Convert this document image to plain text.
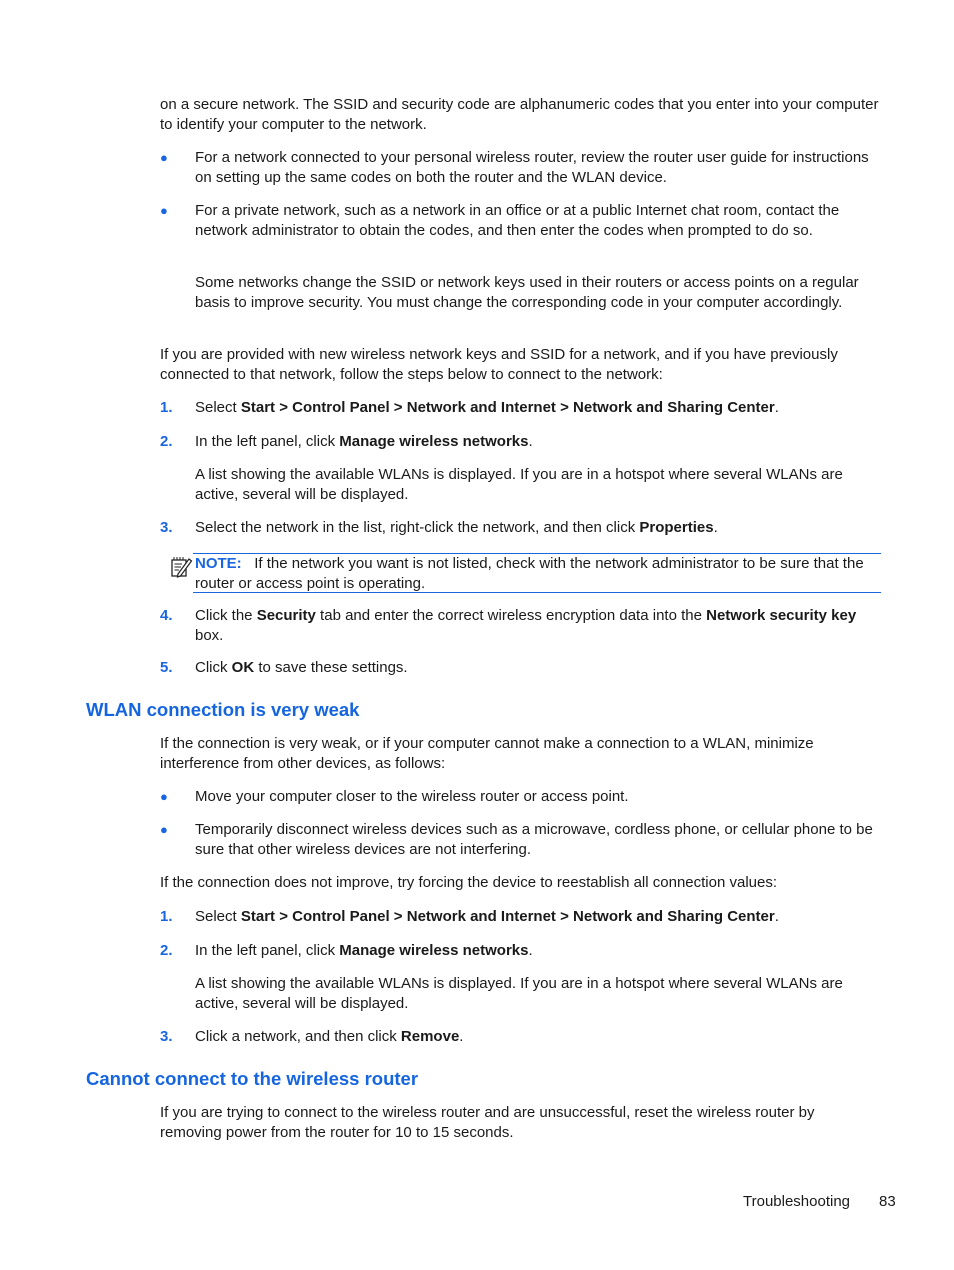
on a secure network. The SSID and security code are alphanumeric codes that you enter into your computer to identify your computer to the network.

● For a network connected to your personal wireless router, review the router user guide for instructions on setting up the same codes on both the router and the WLAN device.

● For a private network, such as a network in an office or at a public Internet chat room, contact the network administrator to obtain the codes, and then enter the codes when prompted to do so.

Some networks change the SSID or network keys used in their routers or access points on a regular basis to improve security. You must change the corresponding code in your computer accordingly.

If you are provided with new wireless network keys and SSID for a network, and if you have previously connected to that network, follow the steps below to connect to the network:

1. Select Start > Control Panel > Network and Internet > Network and Sharing Center.

2. In the left panel, click Manage wireless networks.

A list showing the available WLANs is displayed. If you are in a hotspot where several WLANs are active, several will be displayed.

3. Select the network in the list, right-click the network, and then click Properties.

NOTE: If the network you want is not listed, check with the network administrator to be sure that the router or access point is operating.

4. Click the Security tab and enter the correct wireless encryption data into the Network security key box.

5. Click OK to save these settings.

WLAN connection is very weak

If the connection is very weak, or if your computer cannot make a connection to a WLAN, minimize interference from other devices, as follows:

● Move your computer closer to the wireless router or access point.

● Temporarily disconnect wireless devices such as a microwave, cordless phone, or cellular phone to be sure that other wireless devices are not interfering.

If the connection does not improve, try forcing the device to reestablish all connection values:

1. Select Start > Control Panel > Network and Internet > Network and Sharing Center.

2. In the left panel, click Manage wireless networks.

A list showing the available WLANs is displayed. If you are in a hotspot where several WLANs are active, several will be displayed.

3. Click a network, and then click Remove.

Cannot connect to the wireless router

If you are trying to connect to the wireless router and are unsuccessful, reset the wireless router by removing power from the router for 10 to 15 seconds.

Troubleshooting 83
